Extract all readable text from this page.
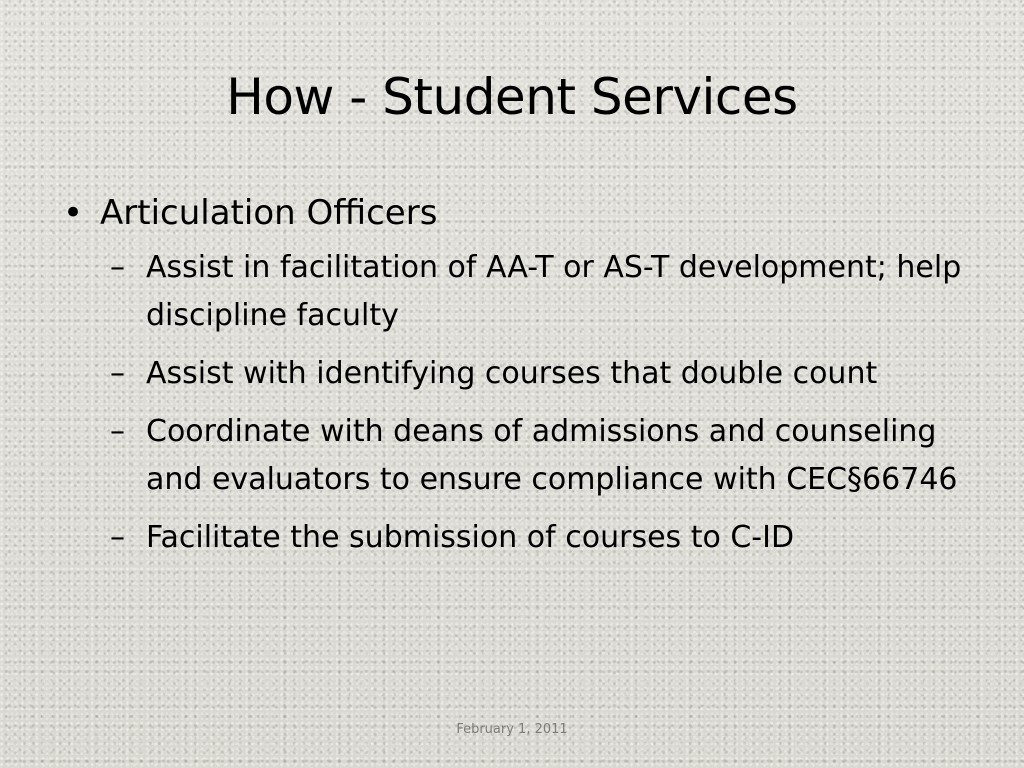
How - Student Services
• Articulation Officers
– Assist in facilitation of AA-T or AS-T development; help discipline faculty
– Assist with identifying courses that double count
– Coordinate with deans of admissions and counseling and evaluators to ensure compliance with CEC§66746
– Facilitate the submission of courses to C-ID
February 1, 2011
